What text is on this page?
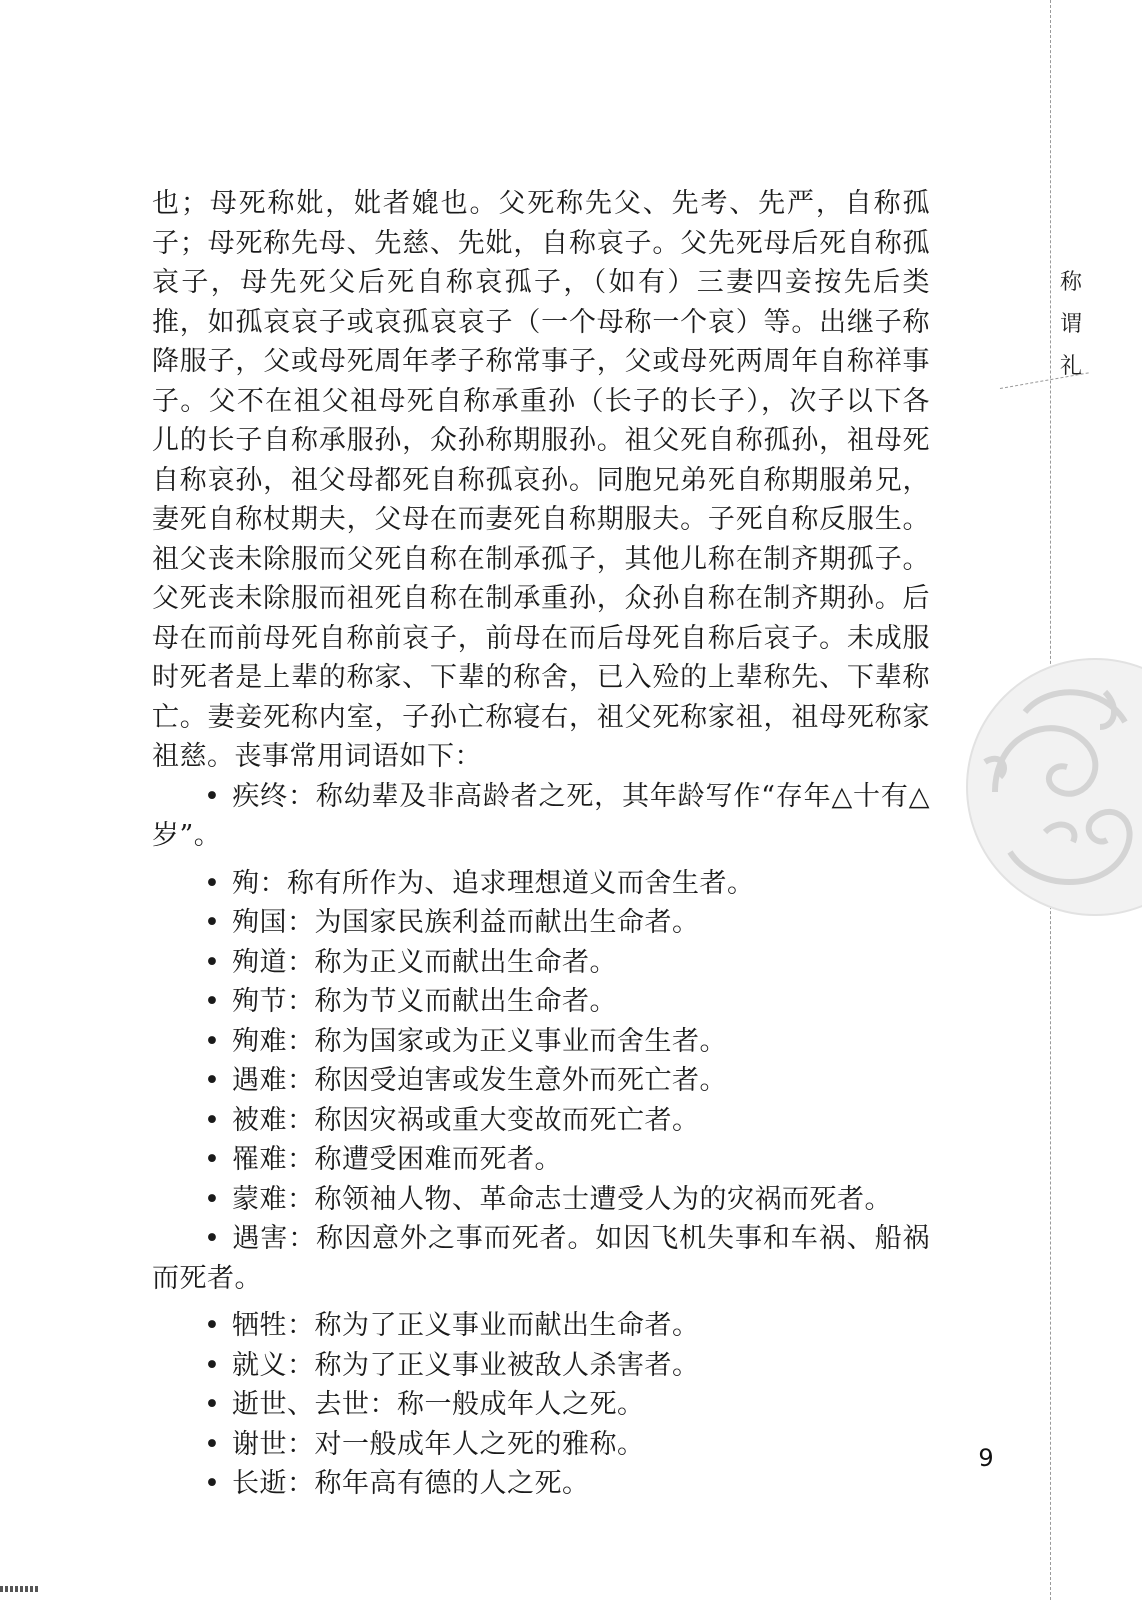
称
谓
礼

也；母死称妣，妣者媲也。父死称先父、先考、先严，自称孤子；母死称先母、先慈、先妣，自称哀子。父先死母后死自称孤哀子，母先死父后死自称哀孤子，（如有）三妻四妾按先后类推，如孤哀哀子或哀孤哀哀子（一个母称一个哀）等。出继子称降服子，父或母死周年孝子称常事子，父或母死两周年自称祥事子。父不在祖父祖母死自称承重孙（长子的长子），次子以下各儿的长子自称承服孙，众孙称期服孙。祖父死自称孤孙，祖母死自称哀孙，祖父母都死自称孤哀孙。同胞兄弟死自称期服弟兄，妻死自称杖期夫，父母在而妻死自称期服夫。子死自称反服生。祖父丧未除服而父死自称在制承孤子，其他儿称在制齐期孤子。父死丧未除服而祖死自称在制承重孙，众孙自称在制齐期孙。后母在而前母死自称前哀子，前母在而后母死自称后哀子。未成服时死者是上辈的称家、下辈的称舍，已入殓的上辈称先、下辈称亡。妻妾死称内室，子孙亡称寝右，祖父死称家祖，祖母死称家祖慈。丧事常用词语如下：

• 疾终：称幼辈及非高龄者之死，其年龄写作“存年△十有△岁”。
• 殉：称有所作为、追求理想道义而舍生者。
• 殉国：为国家民族利益而献出生命者。
• 殉道：称为正义而献出生命者。
• 殉节：称为节义而献出生命者。
• 殉难：称为国家或为正义事业而舍生者。
• 遇难：称因受迫害或发生意外而死亡者。
• 被难：称因灾祸或重大变故而死亡者。
• 罹难：称遭受困难而死者。
• 蒙难：称领袖人物、革命志士遭受人为的灾祸而死者。
• 遇害：称因意外之事而死者。如因飞机失事和车祸、船祸而死者。
• 牺牲：称为了正义事业而献出生命者。
• 就义：称为了正义事业被敌人杀害者。
• 逝世、去世：称一般成年人之死。
• 谢世：对一般成年人之死的雅称。
• 长逝：称年高有德的人之死。
9
